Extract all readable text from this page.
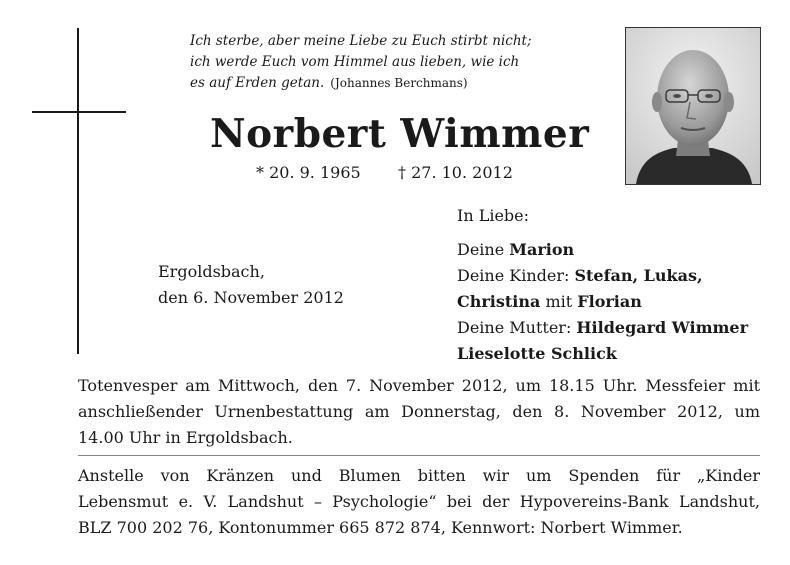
Ich sterbe, aber meine Liebe zu Euch stirbt nicht;
ich werde Euch vom Himmel aus lieben, wie ich
es auf Erden getan. (Johannes Berchmans)
Norbert Wimmer
* 20. 9. 1965 † 27. 10. 2012
Ergoldsbach,
den 6. November 2012
In Liebe:
Deine Marion
Deine Kinder: Stefan, Lukas,
Christina mit Florian
Deine Mutter: Hildegard Wimmer
Lieselotte Schlick
Totenvesper am Mittwoch, den 7. November 2012, um 18.15 Uhr. Messfeier mit
anschließender Urnenbestattung am Donnerstag, den 8. November 2012, um
14.00 Uhr in Ergoldsbach.
Anstelle von Kränzen und Blumen bitten wir um Spenden für „Kinder
Lebensmut e. V. Landshut – Psychologie“ bei der Hypovereins-Bank Landshut,
BLZ 700 202 76, Kontonummer 665 872 874, Kennwort: Norbert Wimmer.
